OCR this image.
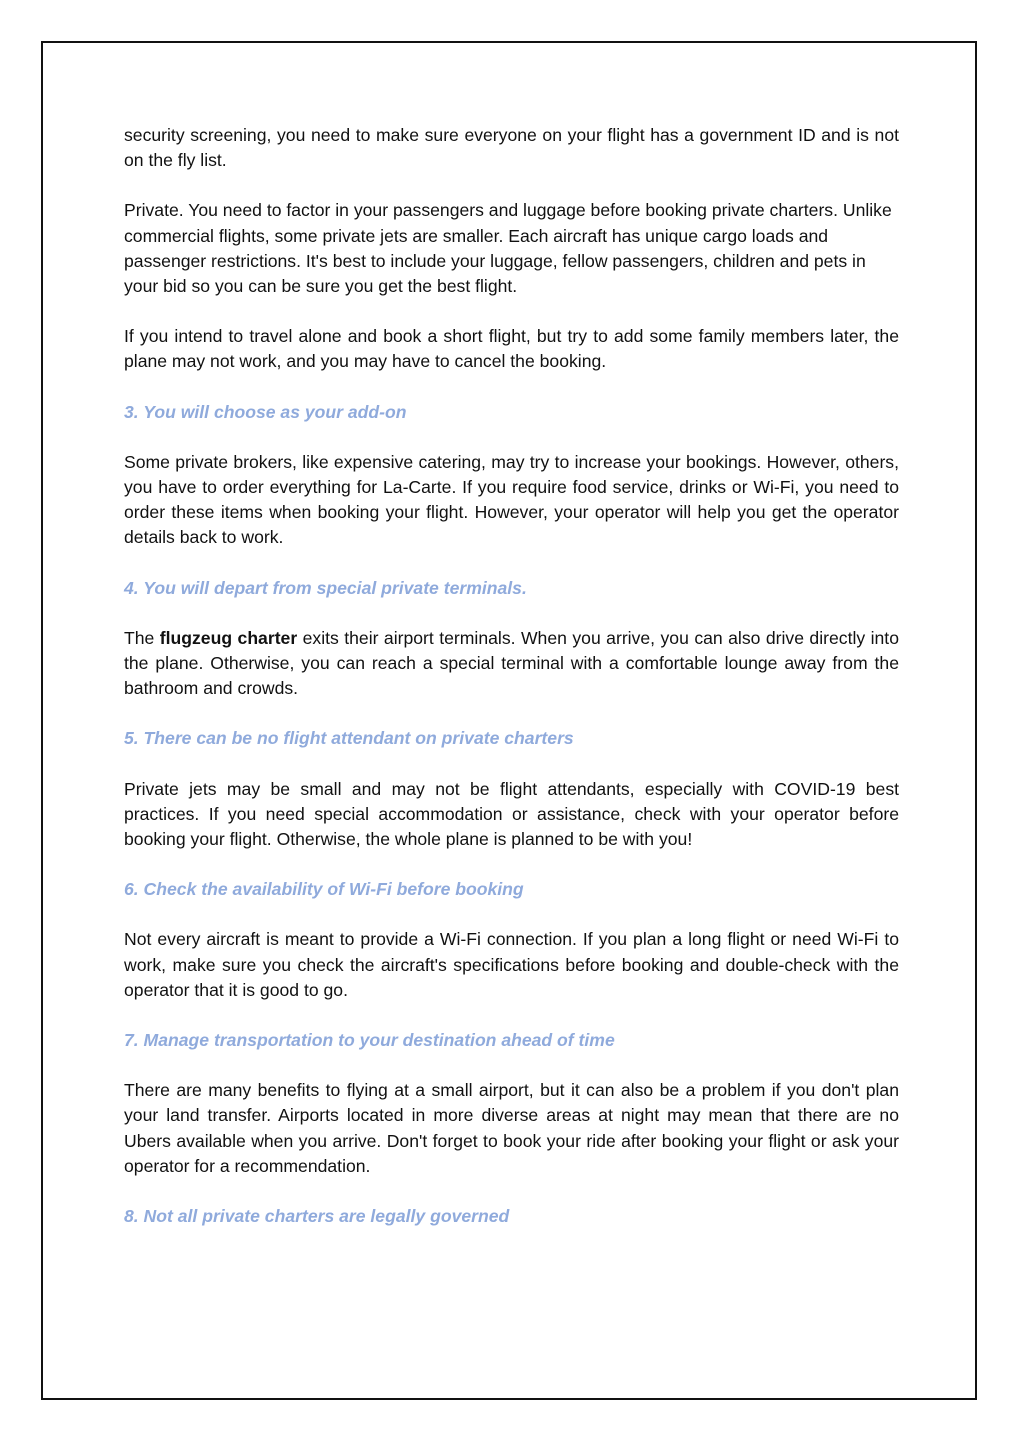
security screening, you need to make sure everyone on your flight has a government ID and is not on the fly list.

Private. You need to factor in your passengers and luggage before booking private charters. Unlike commercial flights, some private jets are smaller. Each aircraft has unique cargo loads and passenger restrictions. It's best to include your luggage, fellow passengers, children and pets in your bid so you can be sure you get the best flight.

If you intend to travel alone and book a short flight, but try to add some family members later, the plane may not work, and you may have to cancel the booking.

3. You will choose as your add-on

Some private brokers, like expensive catering, may try to increase your bookings. However, others, you have to order everything for La-Carte. If you require food service, drinks or Wi-Fi, you need to order these items when booking your flight. However, your operator will help you get the operator details back to work.

4. You will depart from special private terminals.

The flugzeug charter exits their airport terminals. When you arrive, you can also drive directly into the plane. Otherwise, you can reach a special terminal with a comfortable lounge away from the bathroom and crowds.

5. There can be no flight attendant on private charters

Private jets may be small and may not be flight attendants, especially with COVID-19 best practices. If you need special accommodation or assistance, check with your operator before booking your flight. Otherwise, the whole plane is planned to be with you!

6. Check the availability of Wi-Fi before booking

Not every aircraft is meant to provide a Wi-Fi connection. If you plan a long flight or need Wi-Fi to work, make sure you check the aircraft's specifications before booking and double-check with the operator that it is good to go.

7. Manage transportation to your destination ahead of time

There are many benefits to flying at a small airport, but it can also be a problem if you don't plan your land transfer. Airports located in more diverse areas at night may mean that there are no Ubers available when you arrive. Don't forget to book your ride after booking your flight or ask your operator for a recommendation.

8. Not all private charters are legally governed
